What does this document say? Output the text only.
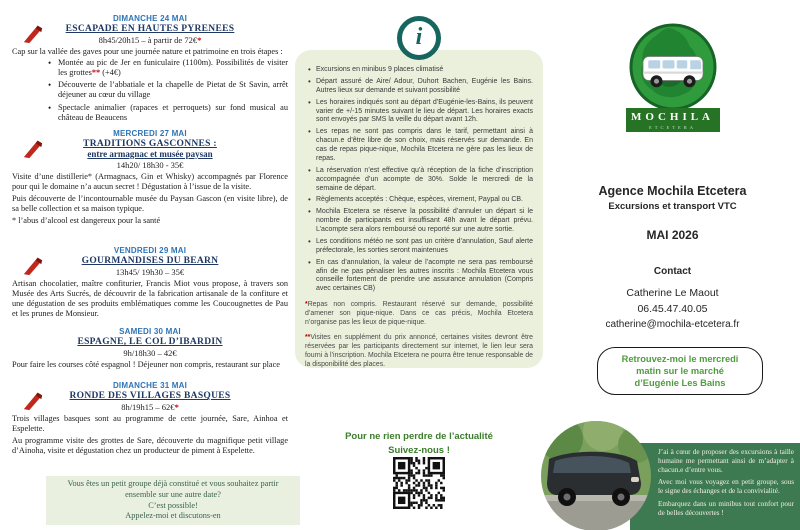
DIMANCHE 24 MAI
ESCAPADE EN HAUTES PYRENEES
8h45/20h15 – à partir de 72€*
Cap sur la vallée des gaves pour une journée nature et patrimoine en trois étapes :
• Montée au pic de Jer en funiculaire (1100m). Possibilités de visiter les grottes** (+4€)
• Découverte de l’abbatiale et la chapelle de Pietat de St Savin, arrêt déjeuner au cœur du village
• Spectacle animalier (rapaces et perroquets) sur fond musical au château de Beaucens
MERCREDI 27 MAI
TRADITIONS GASCONNES :
entre armagnac et musée paysan
14h20/ 18h30 - 35€

Visite d’une distillerie* (Armagnacs, Gin et Whisky) accompagnés par Florence pour qui le domaine n’a aucun secret ! Dégustation à l’issue de la visite.

Puis découverte de l’incontournable musée du Paysan Gascon (en visite libre), de sa belle collection et sa maison typique.

* l’abus d’alcool est dangereux pour la santé

VENDREDI 29 MAI
GOURMANDISES DU BEARN
13h45/ 19h30 – 35€

Artisan chocolatier, maître confiturier, Francis Miot vous propose, à travers son Musée des Arts Sucrés, de découvrir de la fabrication artisanale de la confiture et une dégustation de ses produits emblématiques comme les Coucougnettes de Pau et les prunes de Monsieur.

SAMEDI 30 MAI
ESPAGNE, LE COL D’IBARDIN
9h/18h30 – 42€

Pour faire les courses côté espagnol ! Déjeuner non compris, restaurant sur place

DIMANCHE 31 MAI
RONDE DES VILLAGES BASQUES
8h/19h15 – 62€*

Trois villages basques sont au programme de cette journée, Sare, Ainhoa et Espelette.

Au programme visite des grottes de Sare, découverte du magnifique petit village d’Ainoha, visite et dégustation chez un producteur de piment à Espelette.

Vous êtes un petit groupe déjà constitué et vous souhaitez partir ensemble sur une autre date?
C’est possible!
Appelez-moi et discutons-en
i
• Excursions en minibus 9 places climatisé
• Départ assuré de Aire/ Adour, Duhort Bachen, Eugénie les Bains. Autres lieux sur demande et suivant possibilité
• Les horaires indiqués sont au départ d’Eugénie-les-Bains, ils peuvent varier de +/-15 minutes suivant le lieu de départ. Les horaires exacts sont envoyés par SMS la veille du départ avant 12h.
• Les repas ne sont pas compris dans le tarif, permettant ainsi à chacun.e d’être libre de son choix, mais réservés sur demande. En cas de repas pique-nique, Mochila Etcetera ne gère pas les lieux de repas.
• La réservation n’est effective qu’à réception de la fiche d’inscription accompagnée d’un acompte de 30%. Solde le mercredi de la semaine de départ.
• Règlements acceptés : Chèque, espèces, virement, Paypal ou CB.
• Mochila Etcetera se réserve la possibilité d’annuler un départ si le nombre de participants est insuffisant 48h avant le départ prévu. L’acompte sera alors remboursé ou reporté sur une autre sortie.
• Les conditions météo ne sont pas un critère d’annulation, Sauf alerte préfectorale, les sorties seront maintenues
• En cas d’annulation, la valeur de l’acompte ne sera pas remboursé afin de ne pas pénaliser les autres inscrits : Mochila Etcetera vous conseille fortement de prendre une assurance annulation (Compris avec certaines CB)
*Repas non compris. Restaurant réservé sur demande, possibilité d’amener son pique-nique. Dans ce cas précis, Mochila Etcetera n’organise pas les lieux de pique-nique.
**Visites en supplément du prix annoncé, certaines visites devront être réservées par les participants directement sur internet, le lien leur sera fourni à l’inscription. Mochila Etcetera ne pourra être tenue responsable de la disponibilité des places.
Pour ne rien perdre de l’actualité
Suivez-nous !
MOCHILA
ETCETERA
Agence Mochila Etcetera
Excursions et transport VTC
MAI 2026
Contact
Catherine Le Maout
06.45.47.40.05
catherine@mochila-etcetera.fr
Retrouvez-moi le mercredi
matin sur le marché
d’Eugénie Les Bains

J’ai à cœur de proposer des excursions à taille humaine me permettant ainsi de m’adapter à chacun.e d’entre vous.

Avec moi vous voyagez en petit groupe, sous le signe des échanges et de la convivialité.

Embarquez dans un minibus tout confort pour de belles découvertes !
